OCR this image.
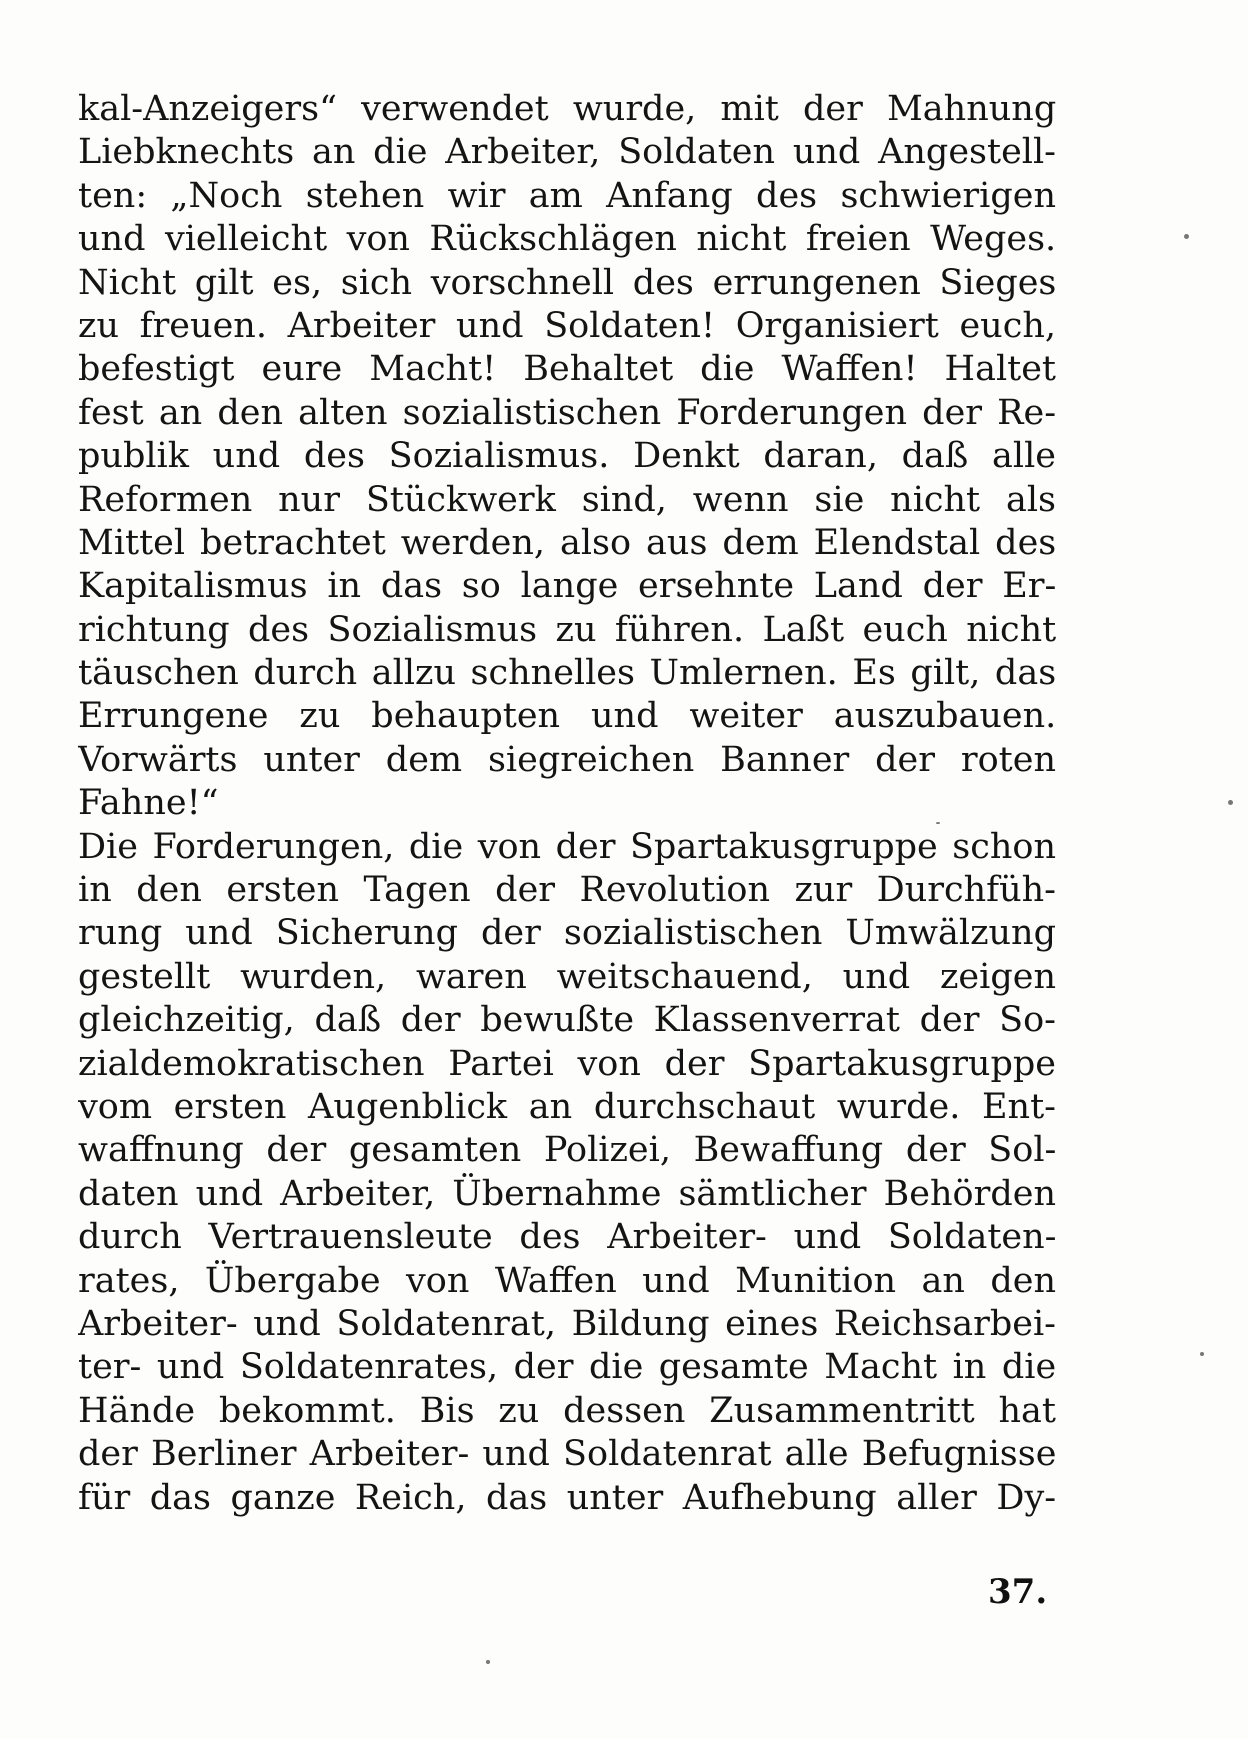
kal-Anzeigers“ verwendet wurde, mit der Mahnung
Liebknechts an die Arbeiter, Soldaten und Angestell-
ten: „Noch stehen wir am Anfang des schwierigen
und vielleicht von Rückschlägen nicht freien Weges.
Nicht gilt es, sich vorschnell des errungenen Sieges
zu freuen. Arbeiter und Soldaten! Organisiert euch,
befestigt eure Macht! Behaltet die Waffen! Haltet
fest an den alten sozialistischen Forderungen der Re-
publik und des Sozialismus. Denkt daran, daß alle
Reformen nur Stückwerk sind, wenn sie nicht als
Mittel betrachtet werden, also aus dem Elendstal des
Kapitalismus in das so lange ersehnte Land der Er-
richtung des Sozialismus zu führen. Laßt euch nicht
täuschen durch allzu schnelles Umlernen. Es gilt, das
Errungene zu behaupten und weiter auszubauen.
Vorwärts unter dem siegreichen Banner der roten
Fahne!“
Die Forderungen, die von der Spartakusgruppe schon
in den ersten Tagen der Revolution zur Durchfüh-
rung und Sicherung der sozialistischen Umwälzung
gestellt wurden, waren weitschauend, und zeigen
gleichzeitig, daß der bewußte Klassenverrat der So-
zialdemokratischen Partei von der Spartakusgruppe
vom ersten Augenblick an durchschaut wurde. Ent-
waffnung der gesamten Polizei, Bewaffung der Sol-
daten und Arbeiter, Übernahme sämtlicher Behörden
durch Vertrauensleute des Arbeiter- und Soldaten-
rates, Übergabe von Waffen und Munition an den
Arbeiter- und Soldatenrat, Bildung eines Reichsarbei-
ter- und Soldatenrates, der die gesamte Macht in die
Hände bekommt. Bis zu dessen Zusammentritt hat
der Berliner Arbeiter- und Soldatenrat alle Befugnisse
für das ganze Reich, das unter Aufhebung aller Dy-
37.
